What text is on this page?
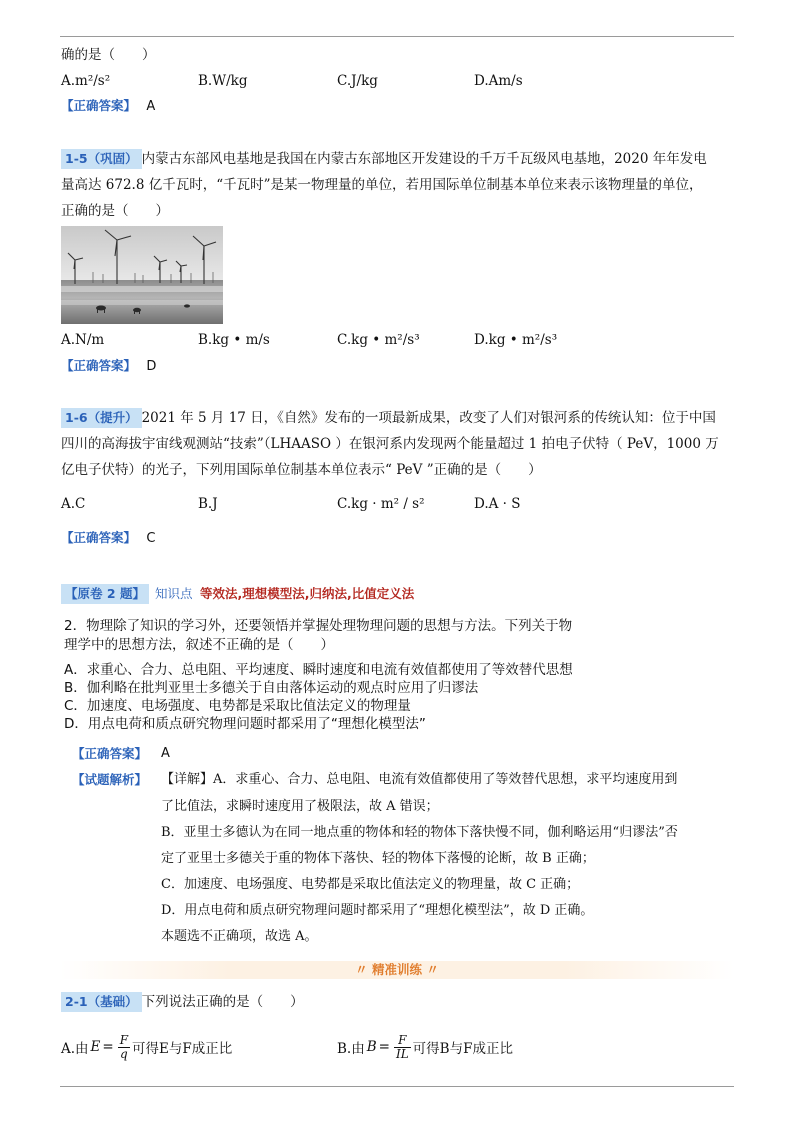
确的是（　　）
A.m²/s²	B.W/kg	C.J/kg	D.Am/s
【正确答案】 A
1-5（巩固） 内蒙古东部风电基地是我国在内蒙古东部地区开发建设的千万千瓦级风电基地，2020 年年发电
量高达 672.8 亿千瓦时，“千瓦时”是某一物理量的单位，若用国际单位制基本单位来表示该物理量的单位，
正确的是（　　）
A.N/m	B.kg • m/s	C.kg • m²/s³	D.kg • m²/s³
【正确答案】 D
1-6（提升） 2021 年 5 月 17 日，《自然》发布的一项最新成果，改变了人们对银河系的传统认知：位于中国
四川的高海拔宇宙线观测站“技索”（LHAASO ）在银河系内发现两个能量超过 1 拍电子伏特（ PeV，1000 万
亿电子伏特）的光子，下列用国际单位制基本单位表示“ PeV ”正确的是（　　）
A.C	B.J	C.kg · m² / s²	D.A · S
【正确答案】 C
【原卷 2 题】 知识点 等效法,理想模型法,归纳法,比值定义法
2．物理除了知识的学习外，还要领悟并掌握处理物理问题的思想与方法。下列关于物
理学中的思想方法，叙述不正确的是（　　）
A．求重心、合力、总电阻、平均速度、瞬时速度和电流有效值都使用了等效替代思想
B．伽利略在批判亚里士多德关于自由落体运动的观点时应用了归谬法
C．加速度、电场强度、电势都是采取比值法定义的物理量
D．用点电荷和质点研究物理问题时都采用了“理想化模型法”
【正确答案】 A
【试题解析】 【详解】A．求重心、合力、总电阻、电流有效值都使用了等效替代思想，求平均速度用到
了比值法，求瞬时速度用了极限法，故 A 错误；
B．亚里士多德认为在同一地点重的物体和轻的物体下落快慢不同，伽利略运用“归谬法”否
定了亚里士多德关于重的物体下落快、轻的物体下落慢的论断，故 B 正确；
C．加速度、电场强度、电势都是采取比值法定义的物理量，故 C 正确；
D．用点电荷和质点研究物理问题时都采用了“理想化模型法”，故 D 正确。
本题选不正确项，故选 A。
〃 精准训练 〃
2-1（基础） 下列说法正确的是（　　）
A.由 $E = \frac{F}{q}$ 可得E与F成正比	B.由 $B = \frac{F}{IL}$ 可得B与F成正比
